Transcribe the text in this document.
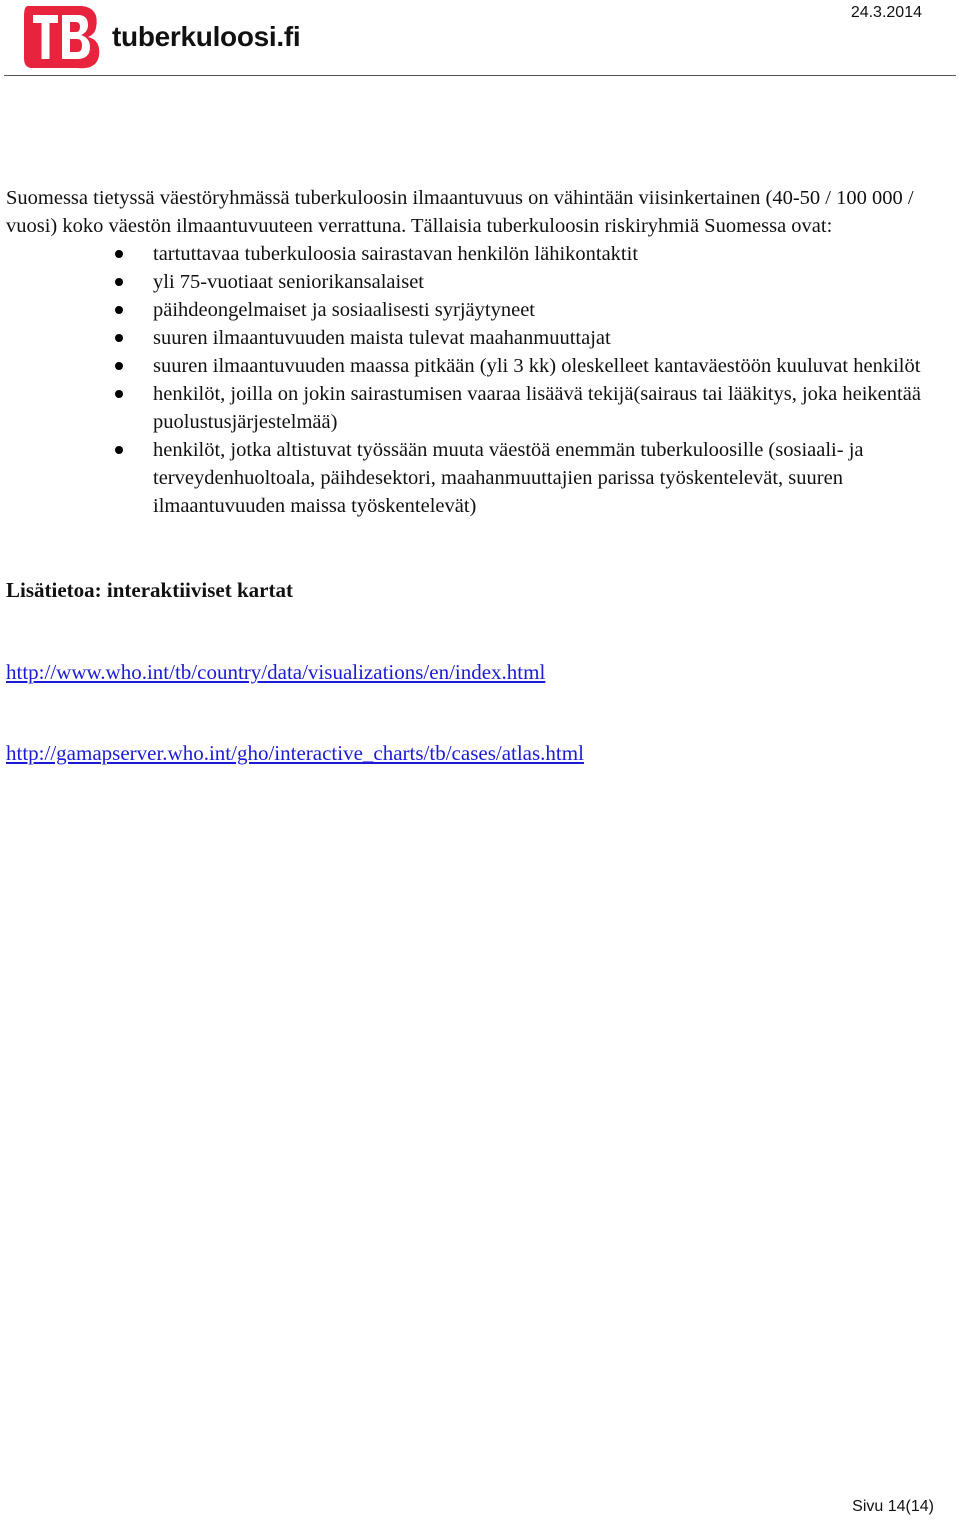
tuberkuloosi.fi
24.3.2014

Suomessa tietyssä väestöryhmässä tuberkuloosin ilmaantuvuus on vähintään viisinkertainen (40-50 / 100 000 / vuosi) koko väestön ilmaantuvuuteen verrattuna. Tällaisia tuberkuloosin riskiryhmiä Suomessa ovat:

tartuttavaa tuberkuloosia sairastavan henkilön lähikontaktit
yli 75-vuotiaat seniorikansalaiset
päihdeongelmaiset ja sosiaalisesti syrjäytyneet
suuren ilmaantuvuuden maista tulevat maahanmuuttajat
suuren ilmaantuvuuden maassa pitkään (yli 3 kk) oleskelleet kantaväestöön kuuluvat henkilöt
henkilöt, joilla on jokin sairastumisen vaaraa lisäävä tekijä(sairaus tai lääkitys, joka heikentää puolustusjärjestelmää)
henkilöt, jotka altistuvat työssään muuta väestöä enemmän tuberkuloosille (sosiaali- ja terveydenhuoltoala, päihdesektori, maahanmuuttajien parissa työskentelevät, suuren ilmaantuvuuden maissa työskentelevät)

Lisätietoa: interaktiiviset kartat

http://www.who.int/tb/country/data/visualizations/en/index.html
http://gamapserver.who.int/gho/interactive_charts/tb/cases/atlas.html
Sivu 14(14)
